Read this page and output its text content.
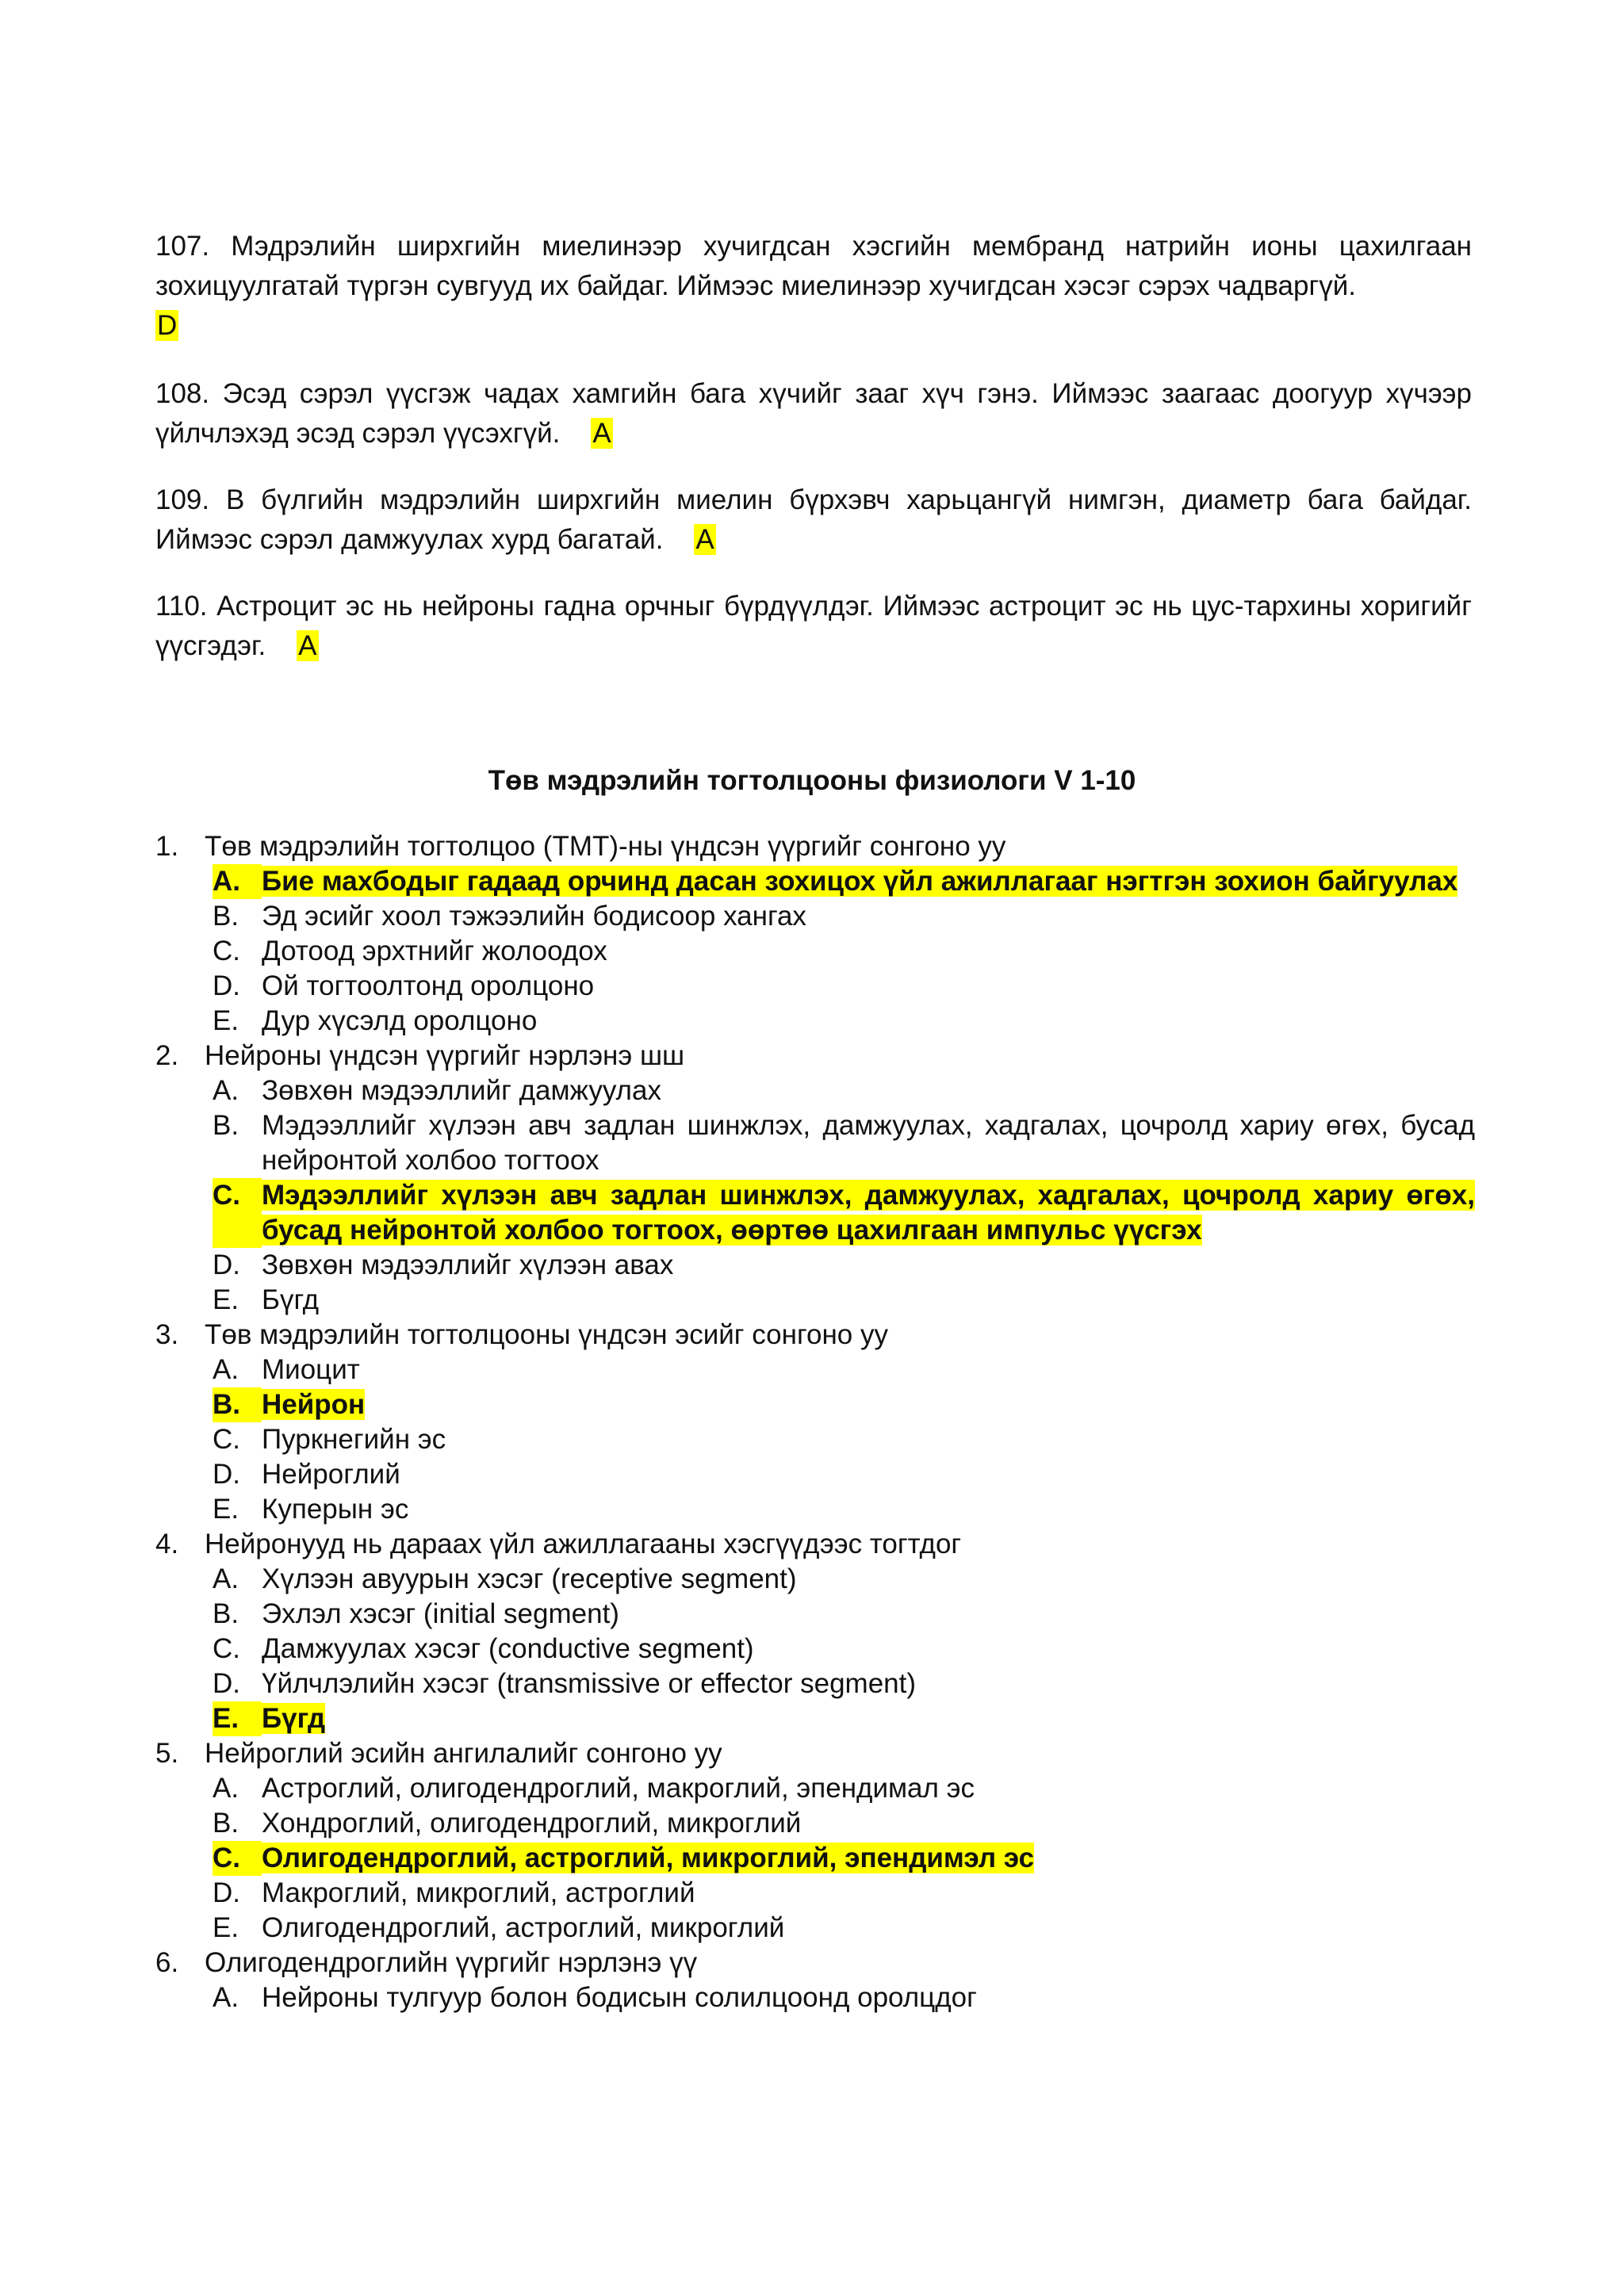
107. Мэдрэлийн ширхгийн миелинээр хучигдсан хэсгийн мембранд натрийн ионы цахилгаан зохицуулгатай түргэн сувгууд их байдаг. Иймээс миелинээр хучигдсан хэсэг сэрэх чадваргүй.
D

108. Эсэд сэрэл үүсгэж чадах хамгийн бага хүчийг зааг хүч гэнэ. Иймээс заагаас доогуур хүчээр үйлчлэхэд эсэд сэрэл үүсэхгүй. A

109. В бүлгийн мэдрэлийн ширхгийн миелин бүрхэвч харьцангүй нимгэн, диаметр бага байдаг. Иймээс сэрэл дамжуулах хурд багатай. A

110. Астроцит эс нь нейроны гадна орчныг бүрдүүлдэг. Иймээс астроцит эс нь цус-тархины хоригийг үүсгэдэг. A

Төв мэдрэлийн тогтолцооны физиологи V 1-10

1. Төв мэдрэлийн тогтолцоо (ТМТ)-ны үндсэн үүргийг сонгоно уу
A. Бие махбодыг гадаад орчинд дасан зохицох үйл ажиллагааг нэгтгэн зохион байгуулах
B. Эд эсийг хоол тэжээлийн бодисоор хангах
C. Дотоод эрхтнийг жолоодох
D. Ой тогтоолтонд оролцоно
E. Дур хүсэлд оролцоно
2. Нейроны үндсэн үүргийг нэрлэнэ шш
A. Зөвхөн мэдээллийг дамжуулах
B. Мэдээллийг хүлээн авч задлан шинжлэх, дамжуулах, хадгалах, цочролд хариу өгөх, бусад нейронтой холбоо тогтоох
C. Мэдээллийг хүлээн авч задлан шинжлэх, дамжуулах, хадгалах, цочролд хариу өгөх, бусад нейронтой холбоо тогтоох, өөртөө цахилгаан импульс үүсгэх
D. Зөвхөн мэдээллийг хүлээн авах
E. Бүгд
3. Төв мэдрэлийн тогтолцооны үндсэн эсийг сонгоно уу
A. Миоцит
B. Нейрон
C. Пуркнегийн эс
D. Нейроглий
E. Куперын эс
4. Нейронууд нь дараах үйл ажиллагааны хэсгүүдээс тогтдог
A. Хүлээн авуурын хэсэг (receptive segment)
B. Эхлэл хэсэг (initial segment)
C. Дамжуулах хэсэг (conductive segment)
D. Үйлчлэлийн хэсэг (transmissive or effector segment)
E. Бүгд
5. Нейроглий эсийн ангилалийг сонгоно уу
A. Астроглий, олигодендроглий, макроглий, эпендимал эс
B. Хондроглий, олигодендроглий, микроглий
C. Олигодендроглий, астроглий, микроглий, эпендимэл эс
D. Макроглий, микроглий, астроглий
E. Олигодендроглий, астроглий, микроглий
6. Олигодендроглийн үүргийг нэрлэнэ үү
A. Нейроны тулгуур болон бодисын солилцоонд оролцдог
